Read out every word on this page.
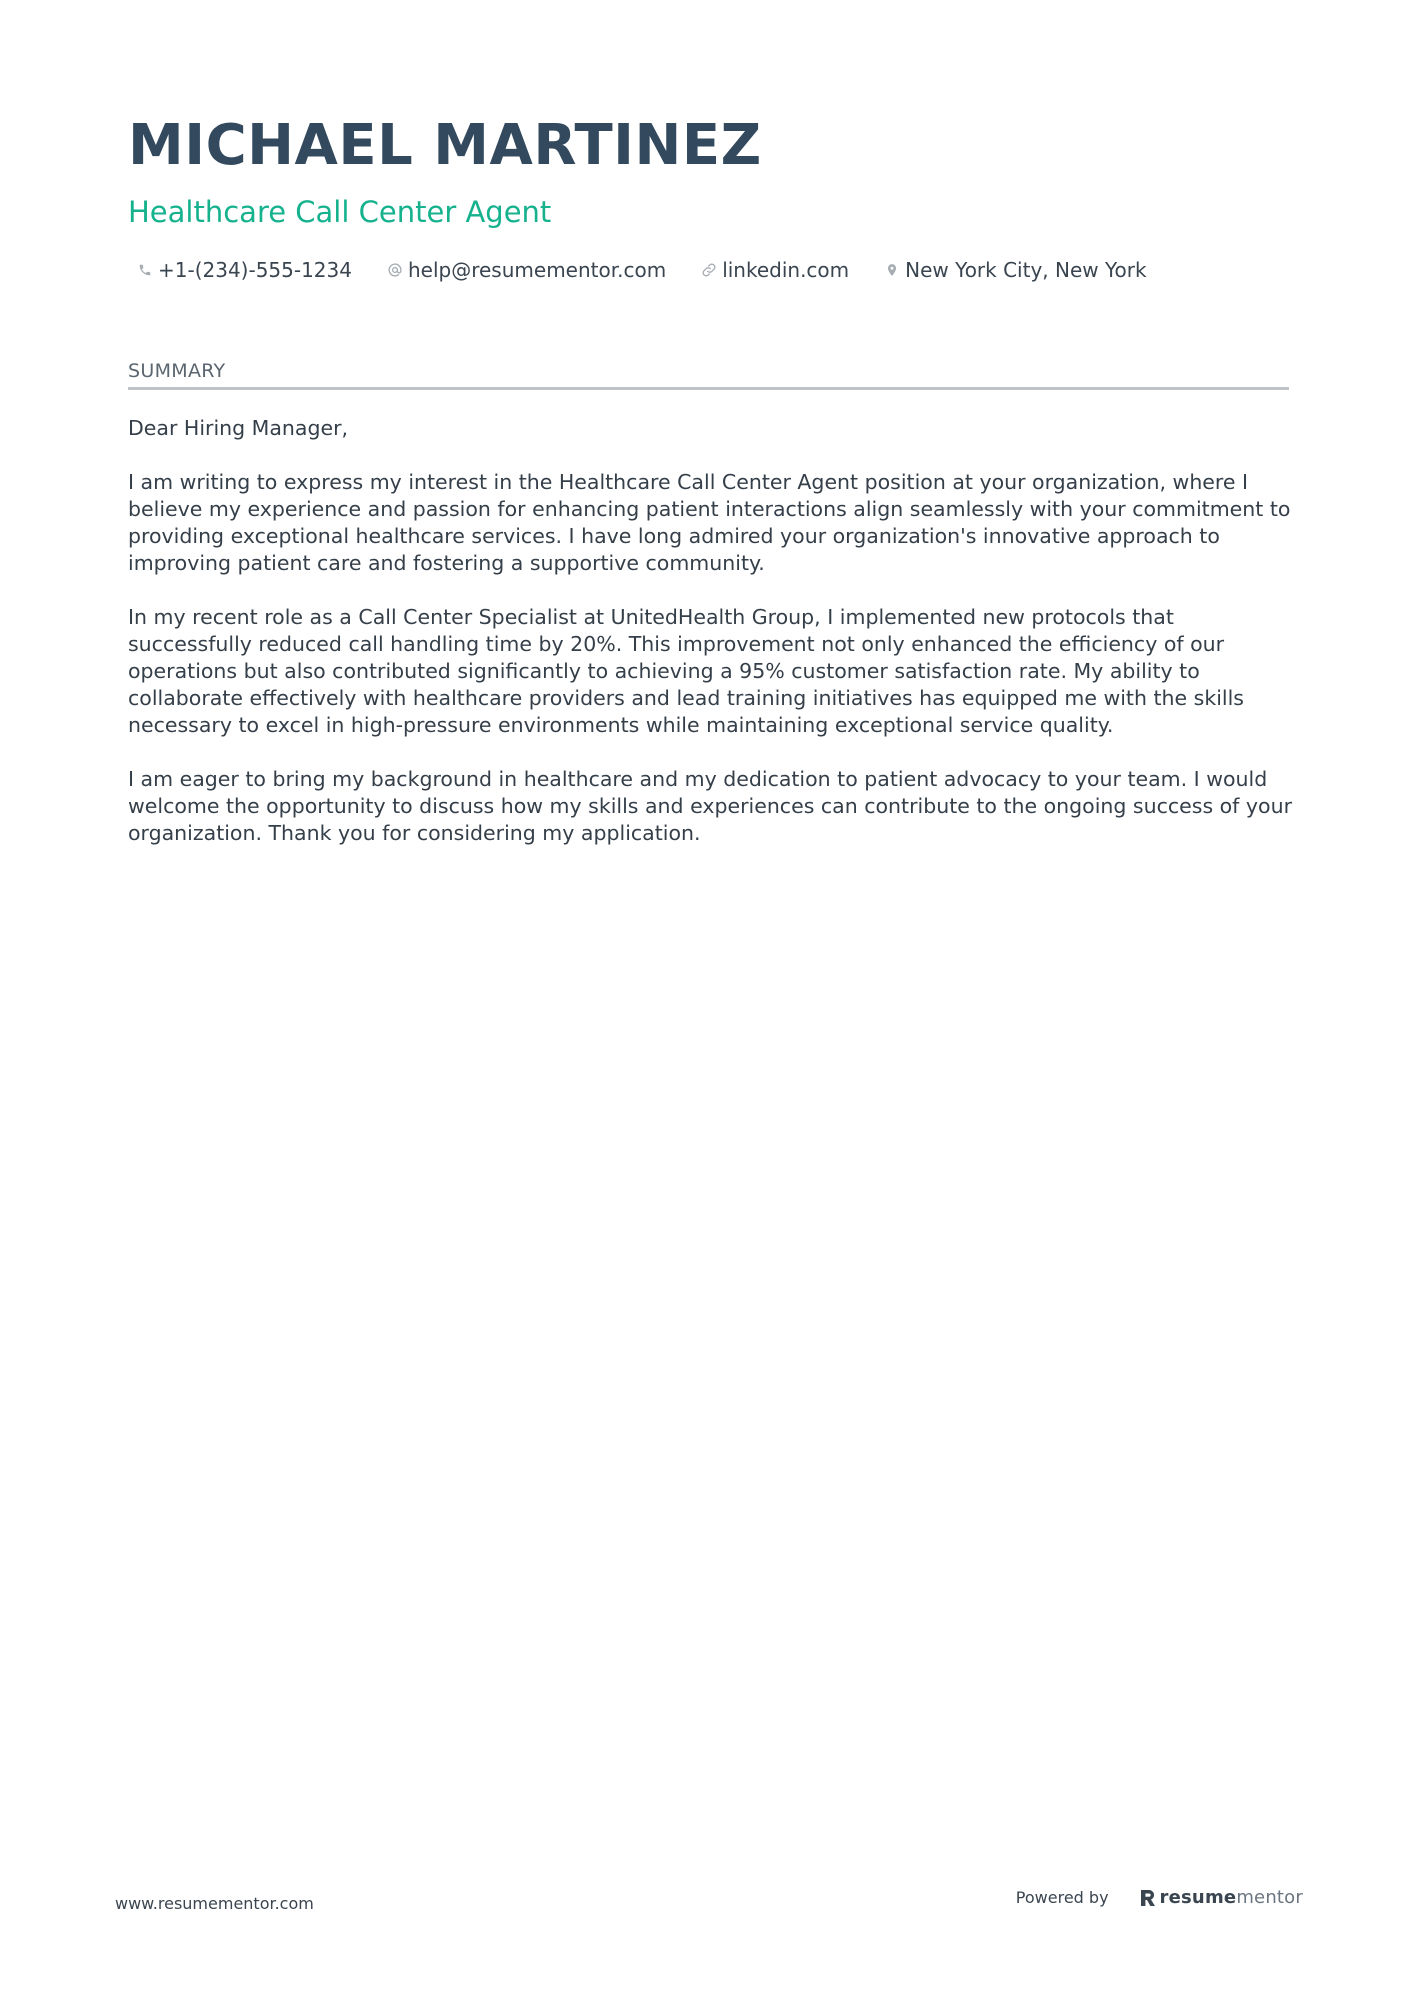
MICHAEL MARTINEZ
Healthcare Call Center Agent
+1-(234)-555-1234	help@resumementor.com	linkedin.com	New York City, New York
SUMMARY

Dear Hiring Manager,

I am writing to express my interest in the Healthcare Call Center Agent position at your organization, where I believe my experience and passion for enhancing patient interactions align seamlessly with your commitment to providing exceptional healthcare services. I have long admired your organization's innovative approach to improving patient care and fostering a supportive community.

In my recent role as a Call Center Specialist at UnitedHealth Group, I implemented new protocols that successfully reduced call handling time by 20%. This improvement not only enhanced the efficiency of our operations but also contributed significantly to achieving a 95% customer satisfaction rate. My ability to collaborate effectively with healthcare providers and lead training initiatives has equipped me with the skills necessary to excel in high-pressure environments while maintaining exceptional service quality.

I am eager to bring my background in healthcare and my dedication to patient advocacy to your team. I would welcome the opportunity to discuss how my skills and experiences can contribute to the ongoing success of your organization. Thank you for considering my application.

www.resumementor.com	Powered by	resume mentor
